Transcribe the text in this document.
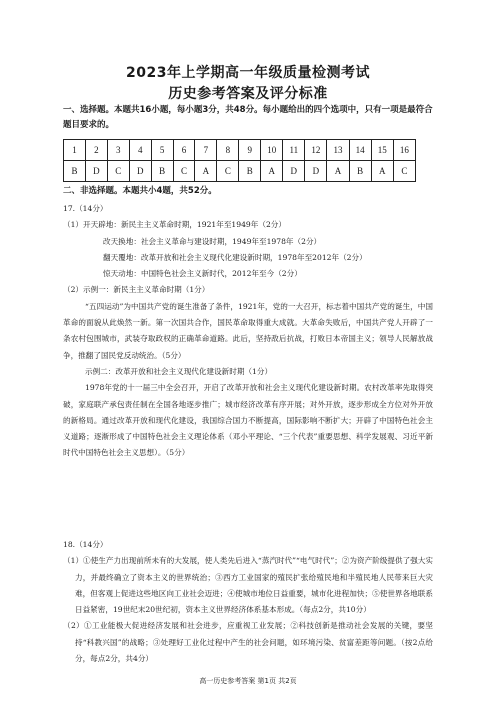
2023年上学期高一年级质量检测考试
历史参考答案及评分标准
一、选择题。本题共16小题，每小题3分，共48分。每小题给出的四个选项中，只有一项是最符合题目要求的。
1	2	3	4	5	6	7	8	9	10	11	12	13	14	15	16
B	D	C	D	B	C	A	C	B	A	D	D	A	B	A	C
二、非选择题。本题共小4题，共52分。
17.（14分）
（1）开天辟地：新民主主义革命时期，1921年至1949年（2分）
改天换地：社会主义革命与建设时期，1949年至1978年（2分）
翻天覆地：改革开放和社会主义现代化建设新时期，1978年至2012年（2分）
惊天动地：中国特色社会主义新时代，2012年至今（2分）
（2）示例一：新民主主义革命时期（1分）
“五四运动”为中国共产党的诞生准备了条件，1921年，党的一大召开，标志着中国共产党的诞生，中国革命的面貌从此焕然一新。第一次国共合作，国民革命取得重大成就。大革命失败后，中国共产党人开辟了一条农村包围城市，武装夺取政权的正确革命道路。此后，坚持敌后抗战，打败日本帝国主义；领导人民解放战争，推翻了国民党反动统治。（5分）
示例二：改革开放和社会主义现代化建设新时期（1分）
1978年党的十一届三中全会召开，开启了改革开放和社会主义现代化建设新时期。农村改革率先取得突破，家庭联产承包责任制在全国各地逐步推广；城市经济改革有序开展；对外开放，逐步形成全方位对外开放的新格局。通过改革开放和现代化建设，我国综合国力不断提高，国际影响不断扩大；开辟了中国特色社会主义道路；逐渐形成了中国特色社会主义理论体系（邓小平理论、“三个代表”重要思想、科学发展观、习近平新时代中国特色社会主义思想）。（5分）
18.（14分）
（1）①使生产力出现前所未有的大发展，使人类先后进入“蒸汽时代”“电气时代”；②为资产阶级提供了强大实力，并最终确立了资本主义的世界统治；③西方工业国家的殖民扩张给殖民地和半殖民地人民带来巨大灾难，但客观上促进这些地区向工业社会迈进；④使城市地位日益重要，城市化进程加快；⑤使世界各地联系日益紧密，19世纪末20世纪初，资本主义世界经济体系基本形成。（每点2分，共10分）
（2）①工业能极大促进经济发展和社会进步，应重视工业发展；②科技创新是推动社会发展的关键，要坚持“科教兴国”的战略；③处理好工业化过程中产生的社会问题，如环境污染、贫富差距等问题。（按2点给分，每点2分，共4分）
高一历史参考答案 第1页 共2页
